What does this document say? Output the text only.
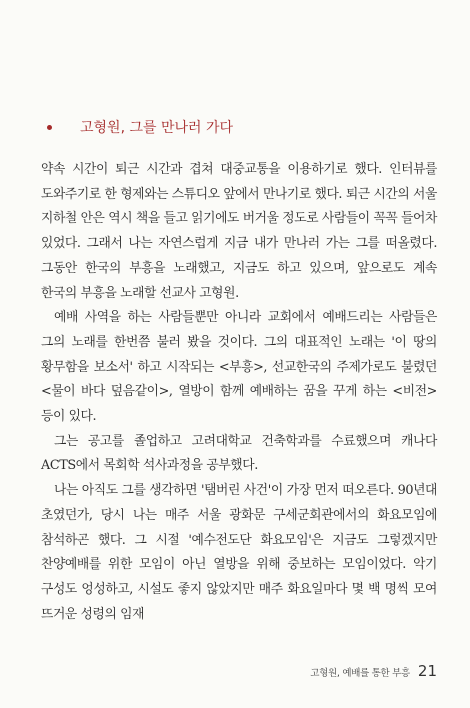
고형원, 그를 만나러 가다

약속 시간이 퇴근 시간과 겹쳐 대중교통을 이용하기로 했다. 인터뷰를 도와주기로 한 형제와는 스튜디오 앞에서 만나기로 했다. 퇴근 시간의 서울 지하철 안은 역시 책을 들고 읽기에도 버거울 정도로 사람들이 꼭꼭 들어차 있었다. 그래서 나는 자연스럽게 지금 내가 만나러 가는 그를 떠올렸다. 그동안 한국의 부흥을 노래했고, 지금도 하고 있으며, 앞으로도 계속 한국의 부흥을 노래할 선교사 고형원.

예배 사역을 하는 사람들뿐만 아니라 교회에서 예배드리는 사람들은 그의 노래를 한번쯤 불러 봤을 것이다. 그의 대표적인 노래는 '이 땅의 황무함을 보소서' 하고 시작되는 <부흥>, 선교한국의 주제가로도 불렸던 <물이 바다 덮음같이>, 열방이 함께 예배하는 꿈을 꾸게 하는 <비전> 등이 있다.

그는 공고를 졸업하고 고려대학교 건축학과를 수료했으며 캐나다 ACTS에서 목회학 석사과정을 공부했다.

나는 아직도 그를 생각하면 '탬버린 사건'이 가장 먼저 떠오른다. 90년대 초였던가, 당시 나는 매주 서울 광화문 구세군회관에서의 화요모임에 참석하곤 했다. 그 시절 '예수전도단 화요모임'은 지금도 그렇겠지만 찬양예배를 위한 모임이 아닌 열방을 위해 중보하는 모임이었다. 악기 구성도 엉성하고, 시설도 좋지 않았지만 매주 화요일마다 몇 백 명씩 모여 뜨거운 성령의 임재

고형원, 예배를 통한 부흥 21
